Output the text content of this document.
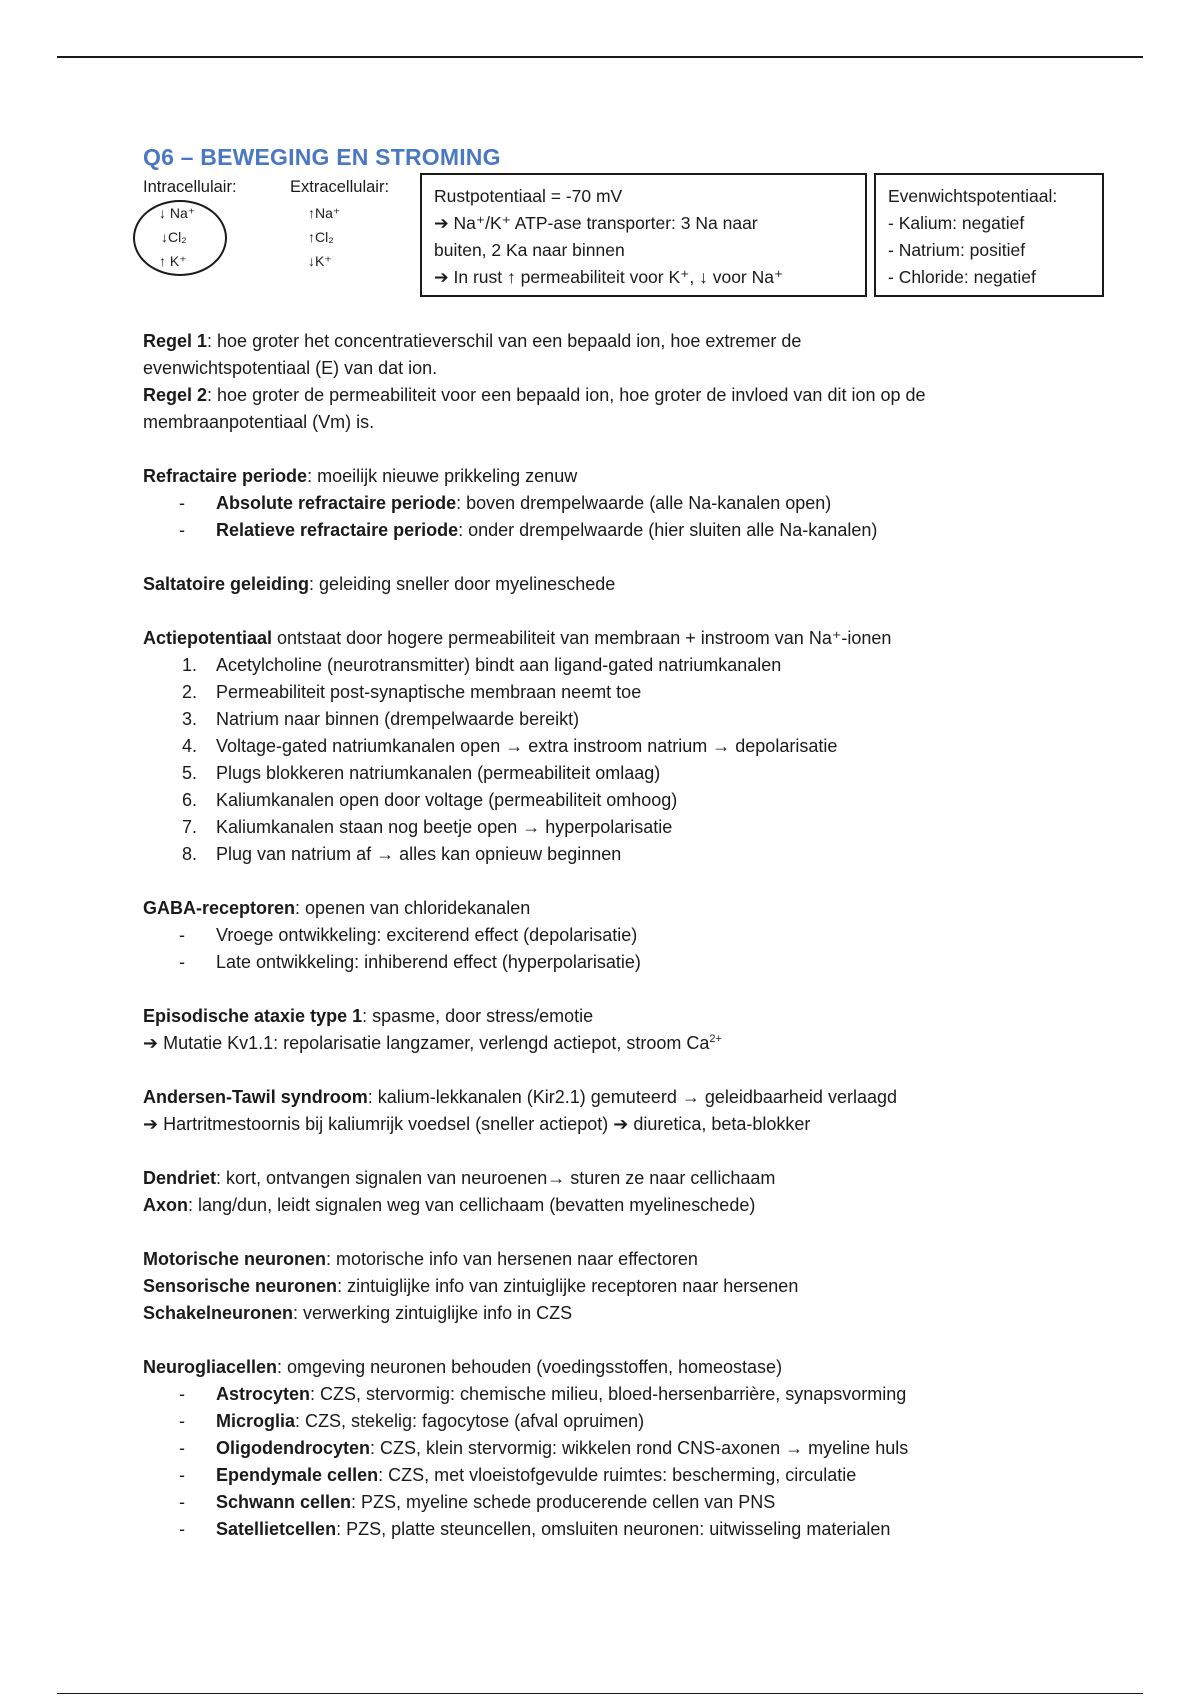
Q6 – BEWEGING EN STROMING
Intracellulair:
↓ Na⁺
↓Cl₂
↑ K⁺
Extracellulair:
↑Na⁺
↑Cl₂
↓K⁺
Rustpotentiaal = -70 mV
➔ Na⁺/K⁺ ATP-ase transporter: 3 Na naar
buiten, 2 Ka naar binnen
➔ In rust ↑ permeabiliteit voor K⁺, ↓ voor Na⁺
Evenwichtspotentiaal:
- Kalium: negatief
- Natrium: positief
- Chloride: negatief

Regel 1: hoe groter het concentratieverschil van een bepaald ion, hoe extremer de

evenwichtspotentiaal (E) van dat ion.

Regel 2: hoe groter de permeabiliteit voor een bepaald ion, hoe groter de invloed van dit ion op de

membraanpotentiaal (Vm) is.

Refractaire periode: moeilijk nieuwe prikkeling zenuw

-	Absolute refractaire periode: boven drempelwaarde (alle Na-kanalen open)

-	Relatieve refractaire periode: onder drempelwaarde (hier sluiten alle Na-kanalen)

Saltatoire geleiding: geleiding sneller door myelineschede

Actiepotentiaal ontstaat door hogere permeabiliteit van membraan + instroom van Na⁺-ionen

1. Acetylcholine (neurotransmitter) bindt aan ligand-gated natriumkanalen

2. Permeabiliteit post-synaptische membraan neemt toe

3. Natrium naar binnen (drempelwaarde bereikt)

4. Voltage-gated natriumkanalen open → extra instroom natrium → depolarisatie

5. Plugs blokkeren natriumkanalen (permeabiliteit omlaag)

6. Kaliumkanalen open door voltage (permeabiliteit omhoog)

7. Kaliumkanalen staan nog beetje open → hyperpolarisatie

8. Plug van natrium af → alles kan opnieuw beginnen

GABA-receptoren: openen van chloridekanalen

-	Vroege ontwikkeling: exciterend effect (depolarisatie)

-	Late ontwikkeling: inhiberend effect (hyperpolarisatie)

Episodische ataxie type 1: spasme, door stress/emotie

➔ Mutatie Kv1.1: repolarisatie langzamer, verlengd actiepot, stroom $Ca^{2+}$

Andersen-Tawil syndroom: kalium-lekkanalen (Kir2.1) gemuteerd → geleidbaarheid verlaagd

➔ Hartritmestoornis bij kaliumrijk voedsel (sneller actiepot) ➔ diuretica, beta-blokker

Dendriet: kort, ontvangen signalen van neuroenen→ sturen ze naar cellichaam

Axon: lang/dun, leidt signalen weg van cellichaam (bevatten myelineschede)

Motorische neuronen: motorische info van hersenen naar effectoren

Sensorische neuronen: zintuiglijke info van zintuiglijke receptoren naar hersenen

Schakelneuronen: verwerking zintuiglijke info in CZS

Neurogliacellen: omgeving neuronen behouden (voedingsstoffen, homeostase)

-	Astrocyten: CZS, stervormig: chemische milieu, bloed-hersenbarrière, synapsvorming

-	Microglia: CZS, stekelig: fagocytose (afval opruimen)

-	Oligodendrocyten: CZS, klein stervormig: wikkelen rond CNS-axonen → myeline huls

-	Ependymale cellen: CZS, met vloeistofgevulde ruimtes: bescherming, circulatie

-	Schwann cellen: PZS, myeline schede producerende cellen van PNS

-	Satellietcellen: PZS, platte steuncellen, omsluiten neuronen: uitwisseling materialen
